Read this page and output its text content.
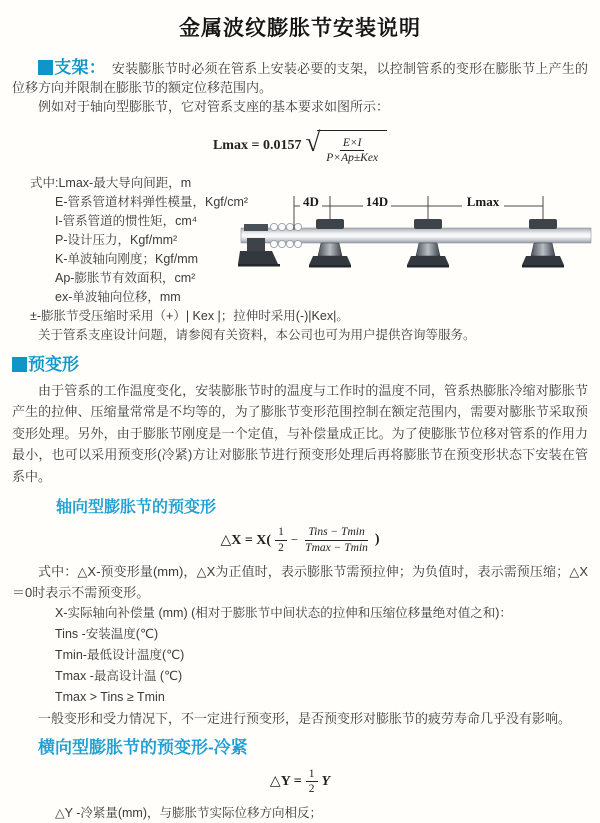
金属波纹膨胀节安装说明

支架： 安装膨胀节时必须在管系上安装必要的支架，以控制管系的变形在膨胀节上产生的位移方向并限制在膨胀节的额定位移范围内。

例如对于轴向型膨胀节，它对管系支座的基本要求如图所示：

Lmax = 0.0157 √ $\frac{E\times I}{\text{P×Ap±Kex}}$
式中:Lmax-最大导向间距，m
E-管系管道材料弹性模量，Kgf/cm²
I-管系管道的惯性矩，cm⁴
P-设计压力，Kgf/mm²
K-单波轴向刚度；Kgf/mm
Ap-膨胀节有效面积，cm²
ex-单波轴向位移，mm
±-膨胀节受压缩时采用（+）| Kex |；拉伸时采用(-)|Kex|。
关于管系支座设计问题，请参阅有关资料，本公司也可为用户提供咨询等服务。
预变形

由于管系的工作温度变化，安装膨胀节时的温度与工作时的温度不同，管系热膨胀冷缩对膨胀节产生的拉伸、压缩量常常是不均等的，为了膨胀节变形范围控制在额定范围内，需要对膨胀节采取预变形处理。另外，由于膨胀节刚度是一个定值，与补偿量成正比。为了使膨胀节位移对管系的作用力最小，也可以采用预变形(冷紧)方让对膨胀节进行预变形处理后再将膨胀节在预变形状态下安装在管系中。

轴向型膨胀节的预变形
△X = $X( \frac{1}{2} - \frac{\text{Tins − Tmin}}{Tmax - Tmin}$ )

式中：△X-预变形量(mm)，△X为正值时，表示膨胀节需预拉伸；为负值时，表示需预压缩；△X＝0时表示不需预变形。

X-实际轴向补偿量 (mm) (相对于膨胀节中间状态的拉伸和压缩位移量绝对值之和)：
Tins -安装温度(℃)
Tmin-最低设计温度(℃)
Tmax -最高设计温 (℃)
Tmax > Tins ≥ Tmin

一般变形和受力情况下，不一定进行预变形，是否预变形对膨胀节的疲劳寿命几乎没有影响。

横向型膨胀节的预变形-冷紧
△Y = $\frac{1}{2}$ Y
△Y -冷紧量(mm)，与膨胀节实际位移方向相反；
4D	14D	Lmax
